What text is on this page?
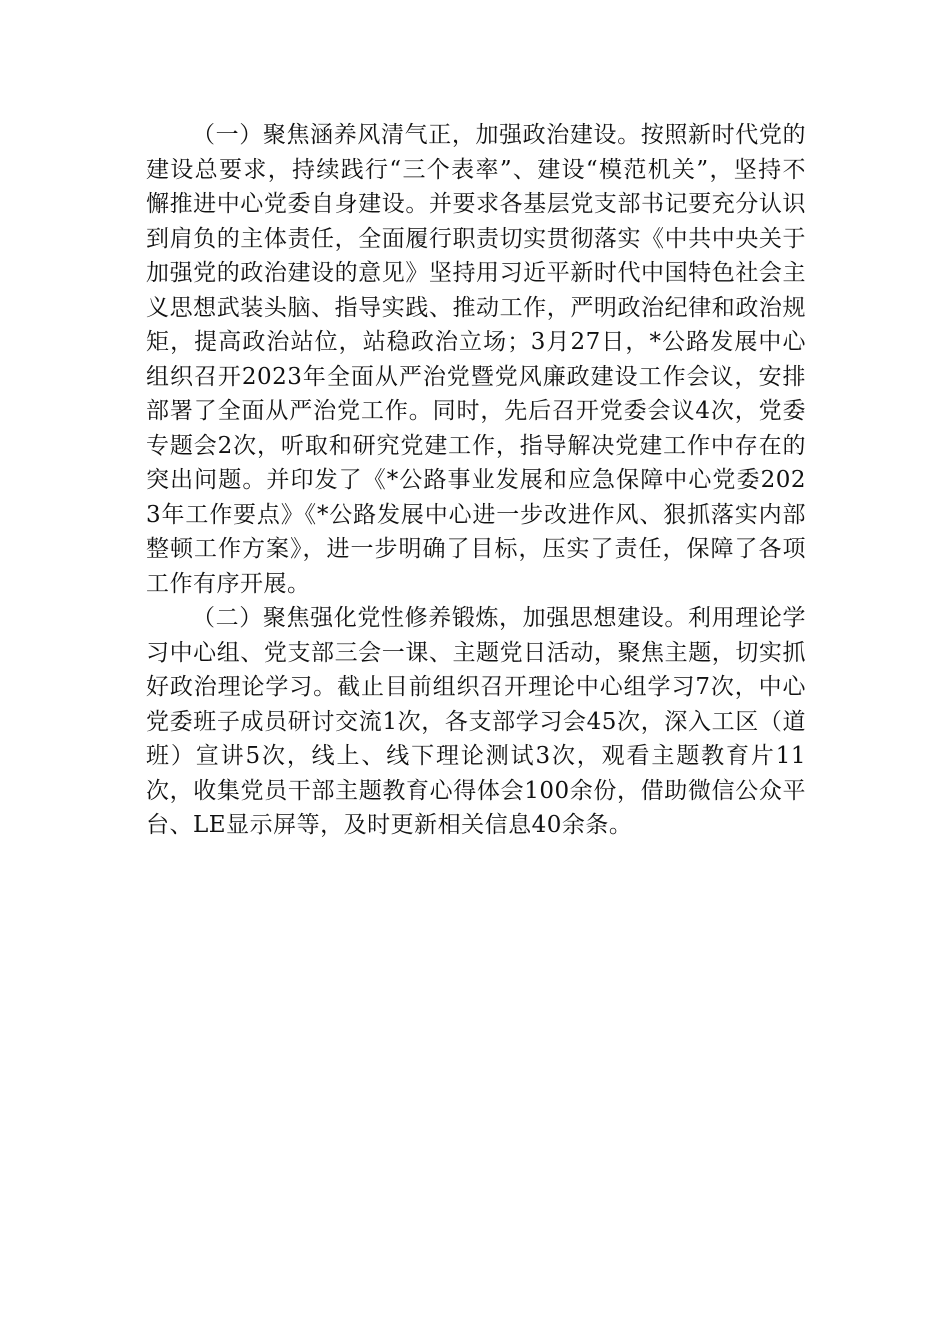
（一）聚焦涵养风清气正，加强政治建设。按照新时代党的建设总要求，持续践行“三个表率”、建设“模范机关”，坚持不懈推进中心党委自身建设。并要求各基层党支部书记要充分认识到肩负的主体责任，全面履行职责切实贯彻落实《中共中央关于加强党的政治建设的意见》坚持用习近平新时代中国特色社会主义思想武装头脑、指导实践、推动工作，严明政治纪律和政治规矩，提高政治站位，站稳政治立场；3月27日，*公路发展中心组织召开2023年全面从严治党暨党风廉政建设工作会议，安排部署了全面从严治党工作。同时，先后召开党委会议4次，党委专题会2次，听取和研究党建工作，指导解决党建工作中存在的突出问题。并印发了《*公路事业发展和应急保障中心党委2023年工作要点》《*公路发展中心进一步改进作风、狠抓落实内部整顿工作方案》，进一步明确了目标，压实了责任，保障了各项工作有序开展。

（二）聚焦强化党性修养锻炼，加强思想建设。利用理论学习中心组、党支部三会一课、主题党日活动，聚焦主题，切实抓好政治理论学习。截止目前组织召开理论中心组学习7次，中心党委班子成员研讨交流1次，各支部学习会45次，深入工区（道班）宣讲5次，线上、线下理论测试3次，观看主题教育片11次，收集党员干部主题教育心得体会100余份，借助微信公众平台、LE显示屏等，及时更新相关信息40余条。
